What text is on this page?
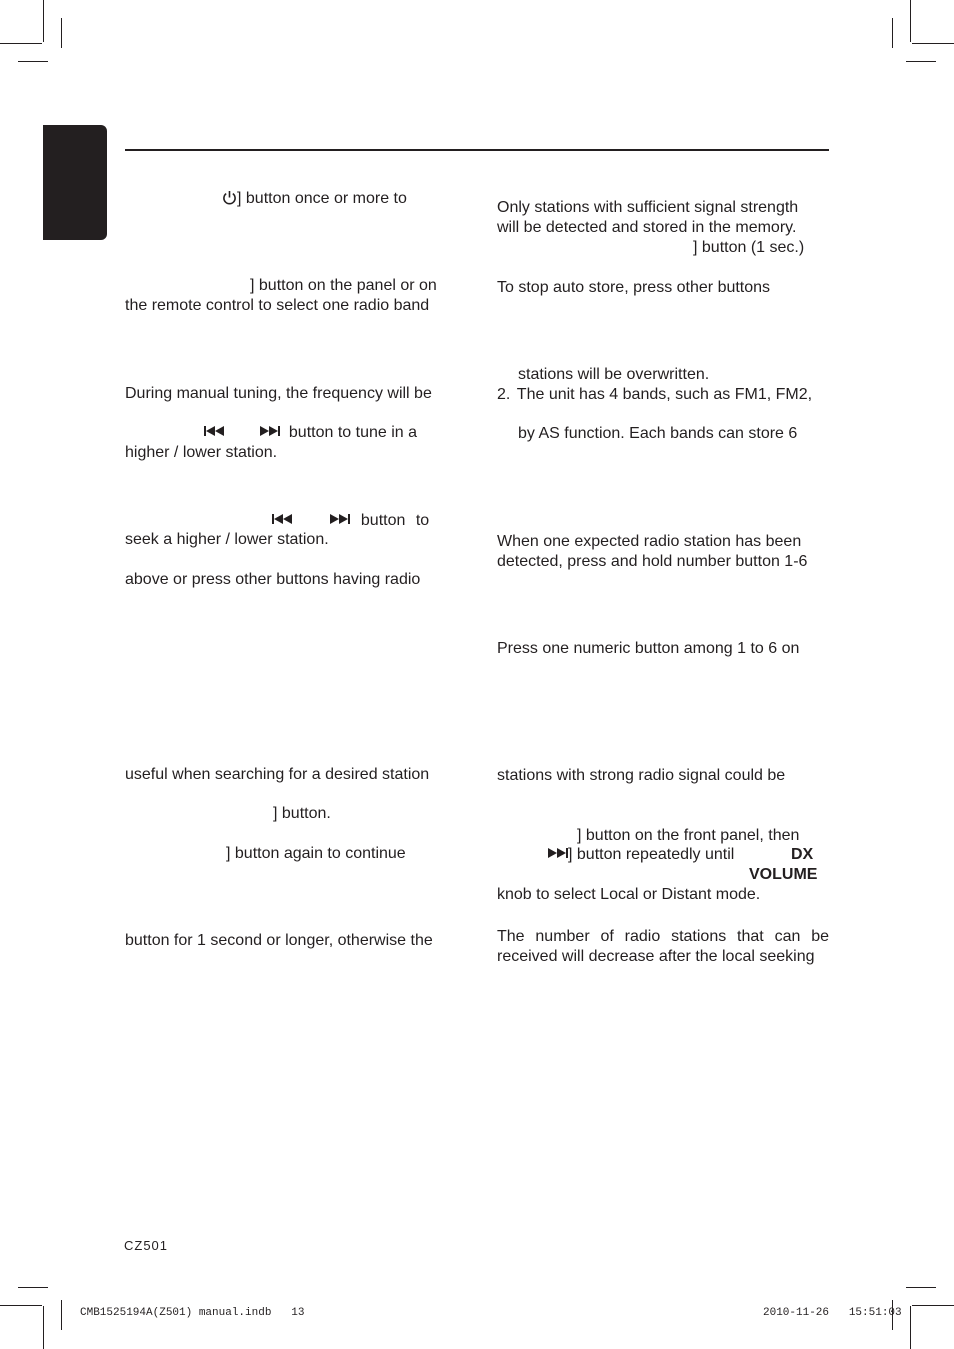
] button once or more to
] button on the panel or on
the remote control to select one radio band
During manual tuning, the frequency will be
button to tune in a
higher / lower station.
button to
seek a higher / lower station.
above or press other buttons having radio
useful when searching for a desired station
] button.
] button again to continue
button for 1 second or longer, otherwise the
Only stations with sufficient signal strength
will be detected and stored in the memory.
] button (1 sec.)
To stop auto store, press other buttons
stations will be overwritten.
2. The unit has 4 bands, such as FM1, FM2,
by AS function. Each bands can store 6
When one expected radio station has been
detected, press and hold number button 1-6
Press one numeric button among 1 to 6 on
stations with strong radio signal could be
] button on the front panel, then
] button repeatedly until	DX
VOLUME
knob to select Local or Distant mode.
The number of radio stations that can be
received will decrease after the local seeking
CZ501
CMB1525194A(Z501) manual.indb   13	2010-11-26   15:51:03
